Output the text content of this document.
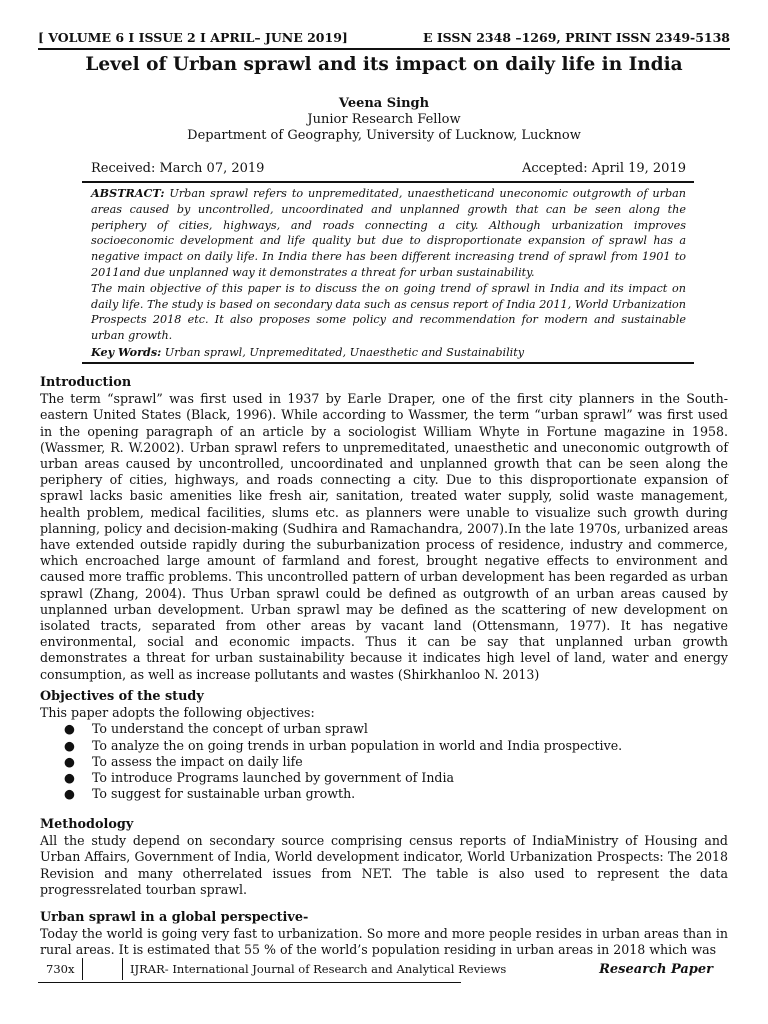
[ VOLUME 6 I ISSUE 2 I APRIL– JUNE 2019]	E ISSN 2348 –1269, PRINT ISSN 2349-5138
Level of Urban sprawl and its impact on daily life in India
Veena Singh
Junior Research Fellow
Department of Geography, University of Lucknow, Lucknow
Received: March 07, 2019	Accepted: April 19, 2019

ABSTRACT: Urban sprawl refers to unpremeditated, unaestheticand uneconomic outgrowth of urban areas caused by uncontrolled, uncoordinated and unplanned growth that can be seen along the periphery of cities, highways, and roads connecting a city. Although urbanization improves socioeconomic development and life quality but due to disproportionate expansion of sprawl has a negative impact on daily life. In India there has been different increasing trend of sprawl from 1901 to 2011and due unplanned way it demonstrates a threat for urban sustainability.

The main objective of this paper is to discuss the on going trend of sprawl in India and its impact on daily life. The study is based on secondary data such as census report of India 2011, World Urbanization Prospects 2018 etc. It also proposes some policy and recommendation for modern and sustainable urban growth.

Key Words: Urban sprawl, Unpremeditated, Unaesthetic and Sustainability
Introduction

The term “sprawl” was first used in 1937 by Earle Draper, one of the first city planners in the South-eastern United States (Black, 1996). While according to Wassmer, the term “urban sprawl” was first used in the opening paragraph of an article by a sociologist William Whyte in Fortune magazine in 1958. (Wassmer, R. W.2002). Urban sprawl refers to unpremeditated, unaesthetic and uneconomic outgrowth of urban areas caused by uncontrolled, uncoordinated and unplanned growth that can be seen along the periphery of cities, highways, and roads connecting a city. Due to this disproportionate expansion of sprawl lacks basic amenities like fresh air, sanitation, treated water supply, solid waste management, health problem, medical facilities, slums etc. as planners were unable to visualize such growth during planning, policy and decision-making (Sudhira and Ramachandra, 2007).In the late 1970s, urbanized areas have extended outside rapidly during the suburbanization process of residence, industry and commerce, which encroached large amount of farmland and forest, brought negative effects to environment and caused more traffic problems. This uncontrolled pattern of urban development has been regarded as urban sprawl (Zhang, 2004). Thus Urban sprawl could be defined as outgrowth of an urban areas caused by unplanned urban development. Urban sprawl may be defined as the scattering of new development on isolated tracts, separated from other areas by vacant land (Ottensmann, 1977). It has negative environmental, social and economic impacts. Thus it can be say that unplanned urban growth demonstrates a threat for urban sustainability because it indicates high level of land, water and energy consumption, as well as increase pollutants and wastes (Shirkhanloo N. 2013)

Objectives of the study

This paper adopts the following objectives:

● To understand the concept of urban sprawl
● To analyze the on going trends in urban population in world and India prospective.
● To assess the impact on daily life
● To introduce Programs launched by government of India
● To suggest for sustainable urban growth.
Methodology

All the study depend on secondary source comprising census reports of IndiaMinistry of Housing and Urban Affairs, Government of India, World development indicator, World Urbanization Prospects: The 2018 Revision and many otherrelated issues from NET. The table is also used to represent the data progressrelated tourban sprawl.

Urban sprawl in a global perspective-

Today the world is going very fast to urbanization. So more and more people resides in urban areas than in rural areas. It is estimated that 55 % of the world’s population residing in urban areas in 2018 which was

730x	IJRAR- International Journal of Research and Analytical Reviews	Research Paper
